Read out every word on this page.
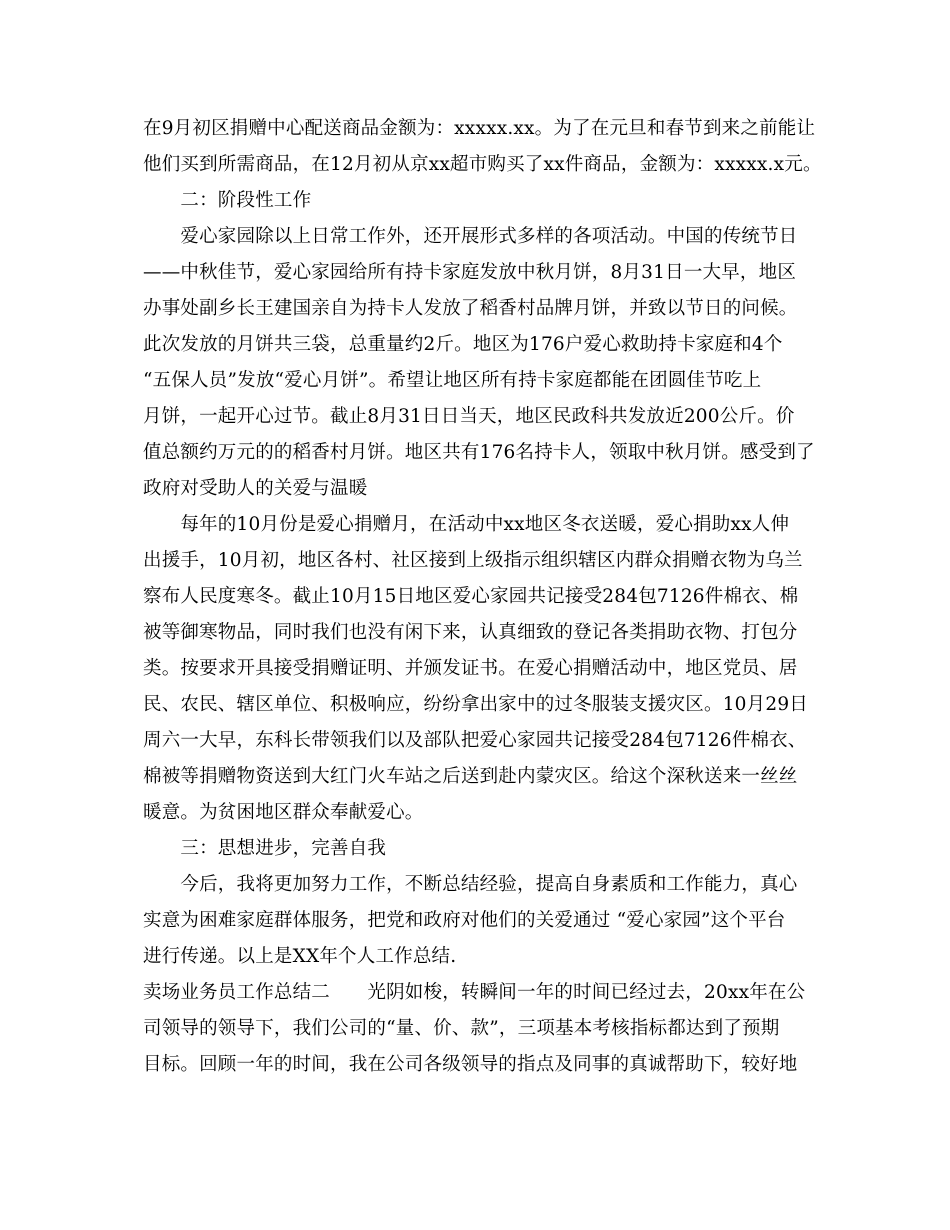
在9月初区捐赠中心配送商品金额为：xxxxx.xx。为了在元旦和春节到来之前能让
他们买到所需商品，在12月初从京xx超市购买了xx件商品，金额为：xxxxx.x元。
　　二：阶段性工作
　　爱心家园除以上日常工作外，还开展形式多样的各项活动。中国的传统节日
——中秋佳节，爱心家园给所有持卡家庭发放中秋月饼，8月31日一大早，地区
办事处副乡长王建国亲自为持卡人发放了稻香村品牌月饼，并致以节日的问候。
此次发放的月饼共三袋，总重量约2斤。地区为176户爱心救助持卡家庭和4个
“五保人员”发放“爱心月饼”。希望让地区所有持卡家庭都能在团圆佳节吃上
月饼，一起开心过节。截止8月31日日当天，地区民政科共发放近200公斤。价
值总额约万元的的稻香村月饼。地区共有176名持卡人，领取中秋月饼。感受到了
政府对受助人的关爱与温暖
　　每年的10月份是爱心捐赠月，在活动中xx地区冬衣送暖，爱心捐助xx人伸
出援手，10月初，地区各村、社区接到上级指示组织辖区内群众捐赠衣物为乌兰
察布人民度寒冬。截止10月15日地区爱心家园共记接受284包7126件棉衣、棉
被等御寒物品，同时我们也没有闲下来，认真细致的登记各类捐助衣物、打包分
类。按要求开具接受捐赠证明、并颁发证书。在爱心捐赠活动中，地区党员、居
民、农民、辖区单位、积极响应，纷纷拿出家中的过冬服装支援灾区。10月29日
周六一大早，东科长带领我们以及部队把爱心家园共记接受284包7126件棉衣、
棉被等捐赠物资送到大红门火车站之后送到赴内蒙灾区。给这个深秋送来一丝丝
暖意。为贫困地区群众奉献爱心。
　　三：思想进步，完善自我
　　今后，我将更加努力工作，不断总结经验，提高自身素质和工作能力，真心
实意为困难家庭群体服务，把党和政府对他们的关爱通过 “爱心家园”这个平台
进行传递。以上是XX年个人工作总结.
卖场业务员工作总结二　　光阴如梭，转瞬间一年的时间已经过去，20xx年在公
司领导的领导下，我们公司的“量、价、款”，三项基本考核指标都达到了预期
目标。回顾一年的时间，我在公司各级领导的指点及同事的真诚帮助下，较好地
